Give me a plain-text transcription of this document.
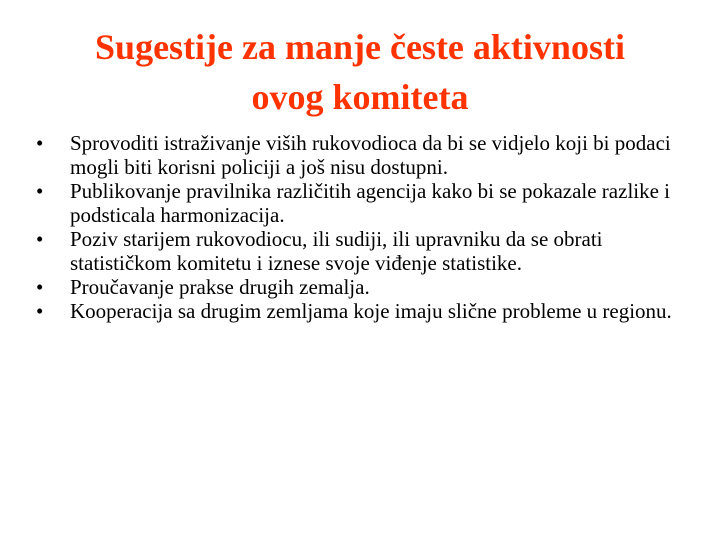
Sugestije za manje česte aktivnosti
ovog komiteta
•	Sprovoditi istraživanje viših rukovodioca da bi se vidjelo koji bi podaci mogli biti korisni policiji a još nisu dostupni.
•	Publikovanje pravilnika različitih agencija kako bi se pokazale razlike i podsticala harmonizacija.
•	Poziv starijem rukovodiocu, ili sudiji, ili upravniku da se obrati statističkom komitetu i iznese svoje viđenje statistike.
•	Proučavanje prakse drugih zemalja.
•	Kooperacija sa drugim zemljama koje imaju slične probleme u regionu.
